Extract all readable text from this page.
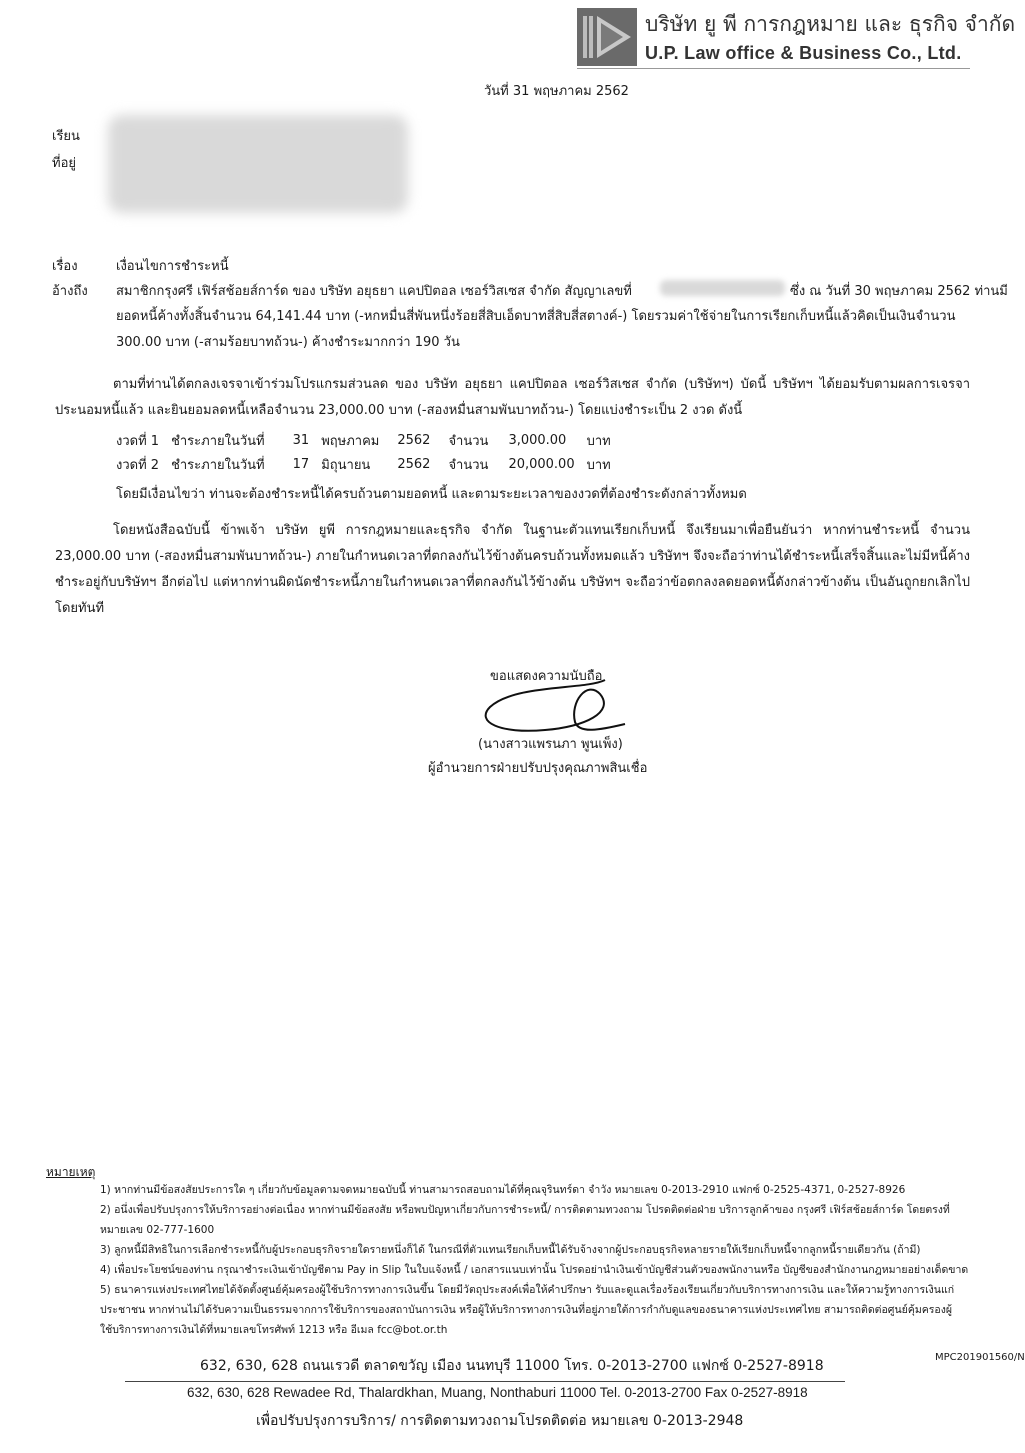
บริษัท ยู พี การกฎหมาย และ ธุรกิจ จำกัด
U.P. Law office & Business Co., Ltd.
วันที่ 31 พฤษภาคม 2562
เรียน
ที่อยู่
เรื่อง	เงื่อนไขการชำระหนี้
อ้างถึง สมาชิกกรุงศรี เฟิร์สช้อยส์การ์ด ของ บริษัท อยุธยา แคปปิตอล เซอร์วิสเซส จำกัด สัญญาเลขที่	ซึ่ง ณ วันที่ 30 พฤษภาคม 2562 ท่านมี
ยอดหนี้ค้างทั้งสิ้นจำนวน 64,141.44 บาท (-หกหมื่นสี่พันหนึ่งร้อยสี่สิบเอ็ดบาทสี่สิบสี่สตางค์-) โดยรวมค่าใช้จ่ายในการเรียกเก็บหนี้แล้วคิดเป็นเงินจำนวน
300.00 บาท (-สามร้อยบาทถ้วน-) ค้างชำระมากกว่า 190 วัน
ตามที่ท่านได้ตกลงเจรจาเข้าร่วมโปรแกรมส่วนลด ของ บริษัท อยุธยา แคปปิตอล เซอร์วิสเซส จำกัด (บริษัทฯ) บัดนี้ บริษัทฯ ได้ยอมรับตามผลการเจรจาประนอมหนี้แล้ว และยินยอมลดหนี้เหลือจำนวน 23,000.00 บาท (-สองหมื่นสามพันบาทถ้วน-) โดยแบ่งชำระเป็น 2 งวด ดังนี้
งวดที่ 1	ชำระภายในวันที่	31	พฤษภาคม	2562	จำนวน	3,000.00	บาท
งวดที่ 2	ชำระภายในวันที่	17	มิถุนายน	2562	จำนวน	20,000.00	บาท
โดยมีเงื่อนไขว่า ท่านจะต้องชำระหนี้ได้ครบถ้วนตามยอดหนี้ และตามระยะเวลาของงวดที่ต้องชำระดังกล่าวทั้งหมด
โดยหนังสือฉบับนี้ ข้าพเจ้า บริษัท ยูพี การกฎหมายและธุรกิจ จำกัด ในฐานะตัวแทนเรียกเก็บหนี้ จึงเรียนมาเพื่อยืนยันว่า หากท่านชำระหนี้ จำนวน 23,000.00 บาท (-สองหมื่นสามพันบาทถ้วน-) ภายในกำหนดเวลาที่ตกลงกันไว้ข้างต้นครบถ้วนทั้งหมดแล้ว บริษัทฯ จึงจะถือว่าท่านได้ชำระหนี้เสร็จสิ้นและไม่มีหนี้ค้างชำระอยู่กับบริษัทฯ อีกต่อไป แต่หากท่านผิดนัดชำระหนี้ภายในกำหนดเวลาที่ตกลงกันไว้ข้างต้น บริษัทฯ จะถือว่าข้อตกลงลดยอดหนี้ดังกล่าวข้างต้น เป็นอันถูกยกเลิกไปโดยทันที
ขอแสดงความนับถือ
(นางสาวแพรนภา พูนเพ็ง)
ผู้อำนวยการฝ่ายปรับปรุงคุณภาพสินเชื่อ
หมายเหตุ
1) หากท่านมีข้อสงสัยประการใด ๆ เกี่ยวกับข้อมูลตามจดหมายฉบับนี้ ท่านสามารถสอบถามได้ที่คุณจุรินทร์ดา จำวัง หมายเลข 0-2013-2910 แฟกซ์ 0-2525-4371, 0-2527-8926
2) อนึ่งเพื่อปรับปรุงการให้บริการอย่างต่อเนื่อง หากท่านมีข้อสงสัย หรือพบปัญหาเกี่ยวกับการชำระหนี้/ การติดตามทวงถาม โปรดติดต่อฝ่าย บริการลูกค้าของ กรุงศรี เฟิร์สช้อยส์การ์ด โดยตรงที่
หมายเลข 02-777-1600
3) ลูกหนี้มีสิทธิในการเลือกชำระหนี้กับผู้ประกอบธุรกิจรายใดรายหนึ่งก็ได้ ในกรณีที่ตัวแทนเรียกเก็บหนี้ได้รับจ้างจากผู้ประกอบธุรกิจหลายรายให้เรียกเก็บหนี้จากลูกหนี้รายเดียวกัน (ถ้ามี)
4) เพื่อประโยชน์ของท่าน กรุณาชำระเงินเข้าบัญชีตาม Pay in Slip ในใบแจ้งหนี้ / เอกสารแนบเท่านั้น โปรดอย่านำเงินเข้าบัญชีส่วนตัวของพนักงานหรือ บัญชีของสำนักงานกฎหมายอย่างเด็ดขาด
5) ธนาคารแห่งประเทศไทยได้จัดตั้งศูนย์คุ้มครองผู้ใช้บริการทางการเงินขึ้น โดยมีวัตถุประสงค์เพื่อให้คำปรึกษา รับและดูแลเรื่องร้องเรียนเกี่ยวกับบริการทางการเงิน และให้ความรู้ทางการเงินแก่
ประชาชน หากท่านไม่ได้รับความเป็นธรรมจากการใช้บริการของสถาบันการเงิน หรือผู้ให้บริการทางการเงินที่อยู่ภายใต้การกำกับดูแลของธนาคารแห่งประเทศไทย สามารถติดต่อศูนย์คุ้มครองผู้
ใช้บริการทางการเงินได้ที่หมายเลขโทรศัพท์ 1213 หรือ อีเมล fcc@bot.or.th
MPC201901560/N
632, 630, 628 ถนนเรวดี ตลาดขวัญ เมือง นนทบุรี 11000 โทร. 0-2013-2700 แฟกซ์ 0-2527-8918
632, 630, 628 Rewadee Rd, Thalardkhan, Muang, Nonthaburi 11000 Tel. 0-2013-2700 Fax 0-2527-8918
เพื่อปรับปรุงการบริการ/ การติดตามทวงถามโปรดติดต่อ หมายเลข 0-2013-2948
